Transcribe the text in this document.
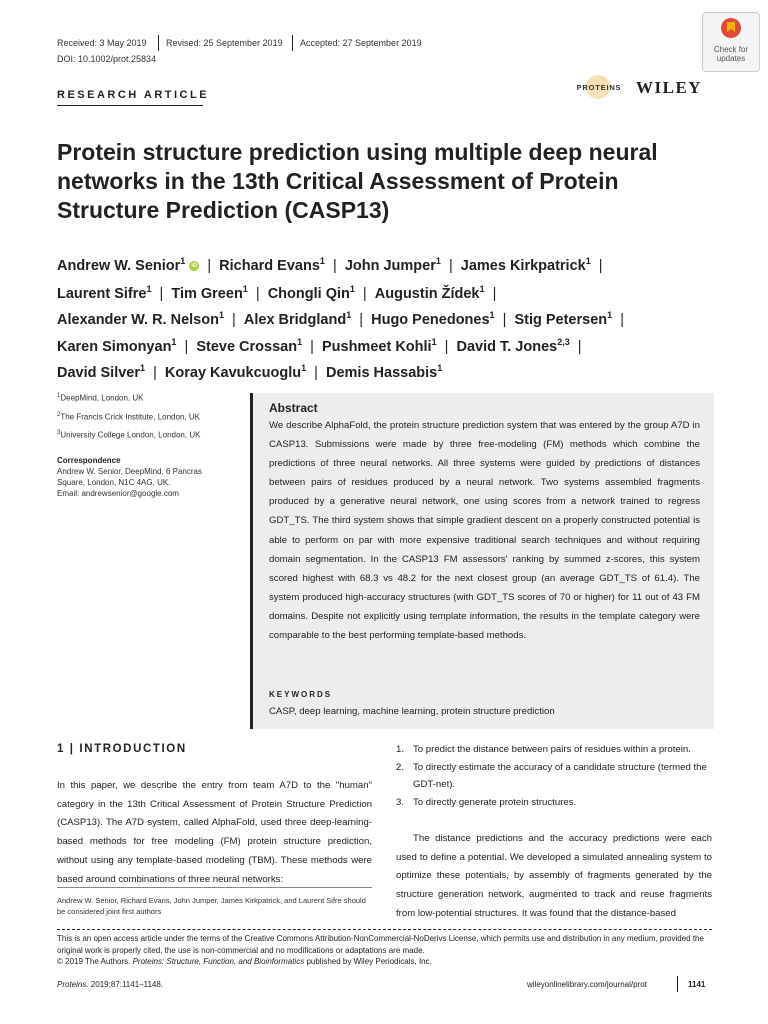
Received: 3 May 2019 Revised: 25 September 2019 Accepted: 27 September 2019
DOI: 10.1002/prot.25834
Check for updates
PROTEINS WILEY
RESEARCH ARTICLE
Protein structure prediction using multiple deep neural networks in the 13th Critical Assessment of Protein Structure Prediction (CASP13)
Andrew W. Senior$^1$ iD  |  Richard Evans$^1$  |  John Jumper$^1$  |  James Kirkpatrick$^1$  |
Laurent Sifre$^1$  |  Tim Green$^1$  |  Chongli Qin$^1$  |  Augustin Žídek$^1$  |
Alexander W. R. Nelson$^1$  |  Alex Bridgland$^1$  |  Hugo Penedones$^1$  |  Stig Petersen$^1$  |
Karen Simonyan$^1$  |  Steve Crossan$^1$  |  Pushmeet Kohli$^1$  |  David T. Jones$^{2,3}$  |
David Silver$^1$  |  Koray Kavukcuoglu$^1$  |  Demis Hassabis$^1$
$^1$DeepMind, London, UK
$^2$The Francis Crick Institute, London, UK
$^3$University College London, London, UK
Correspondence
Andrew W. Senior, DeepMind, 6 Pancras
Square, London, N1C 4AG, UK.
Email: andrewsenior@google.com
Abstract
We describe AlphaFold, the protein structure prediction system that was entered by the group A7D in CASP13. Submissions were made by three free-modeling (FM) methods which combine the predictions of three neural networks. All three systems were guided by predictions of distances between pairs of residues produced by a neural network. Two systems assembled fragments produced by a generative neural network, one using scores from a network trained to regress GDT_TS. The third system shows that simple gradient descent on a properly constructed potential is able to perform on par with more expensive traditional search techniques and without requiring domain segmentation. In the CASP13 FM assessors' ranking by summed z-scores, this system scored highest with 68.3 vs 48.2 for the next closest group (an average GDT_TS of 61.4). The system produced high-accuracy structures (with GDT_TS scores of 70 or higher) for 11 out of 43 FM domains. Despite not explicitly using template information, the results in the template category were comparable to the best performing template-based methods.
KEYWORDS
CASP, deep learning, machine learning, protein structure prediction
1 | INTRODUCTION
In this paper, we describe the entry from team A7D to the "human" category in the 13th Critical Assessment of Protein Structure Prediction (CASP13). The A7D system, called AlphaFold, used three deep-learning-based methods for free modeling (FM) protein structure prediction, without using any template-based modeling (TBM). These methods were based around combinations of three neural networks:
Andrew W. Senior, Richard Evans, John Jumper, James Kirkpatrick, and Laurent Sifre should be considered joint first authors
1. To predict the distance between pairs of residues within a protein.
2. To directly estimate the accuracy of a candidate structure (termed the GDT-net).
3. To directly generate protein structures.
The distance predictions and the accuracy predictions were each used to define a potential. We developed a simulated annealing system to optimize these potentials, by assembly of fragments generated by the structure generation network, augmented to track and reuse fragments from low-potential structures. It was found that the distance-based
This is an open access article under the terms of the Creative Commons Attribution-NonCommercial-NoDerivs License, which permits use and distribution in any medium, provided the original work is properly cited, the use is non-commercial and no modifications or adaptations are made.
© 2019 The Authors. Proteins: Structure, Function, and Bioinformatics published by Wiley Periodicals, Inc.
Proteins. 2019;87:1141–1148.	wileyonlinelibrary.com/journal/prot	1141
